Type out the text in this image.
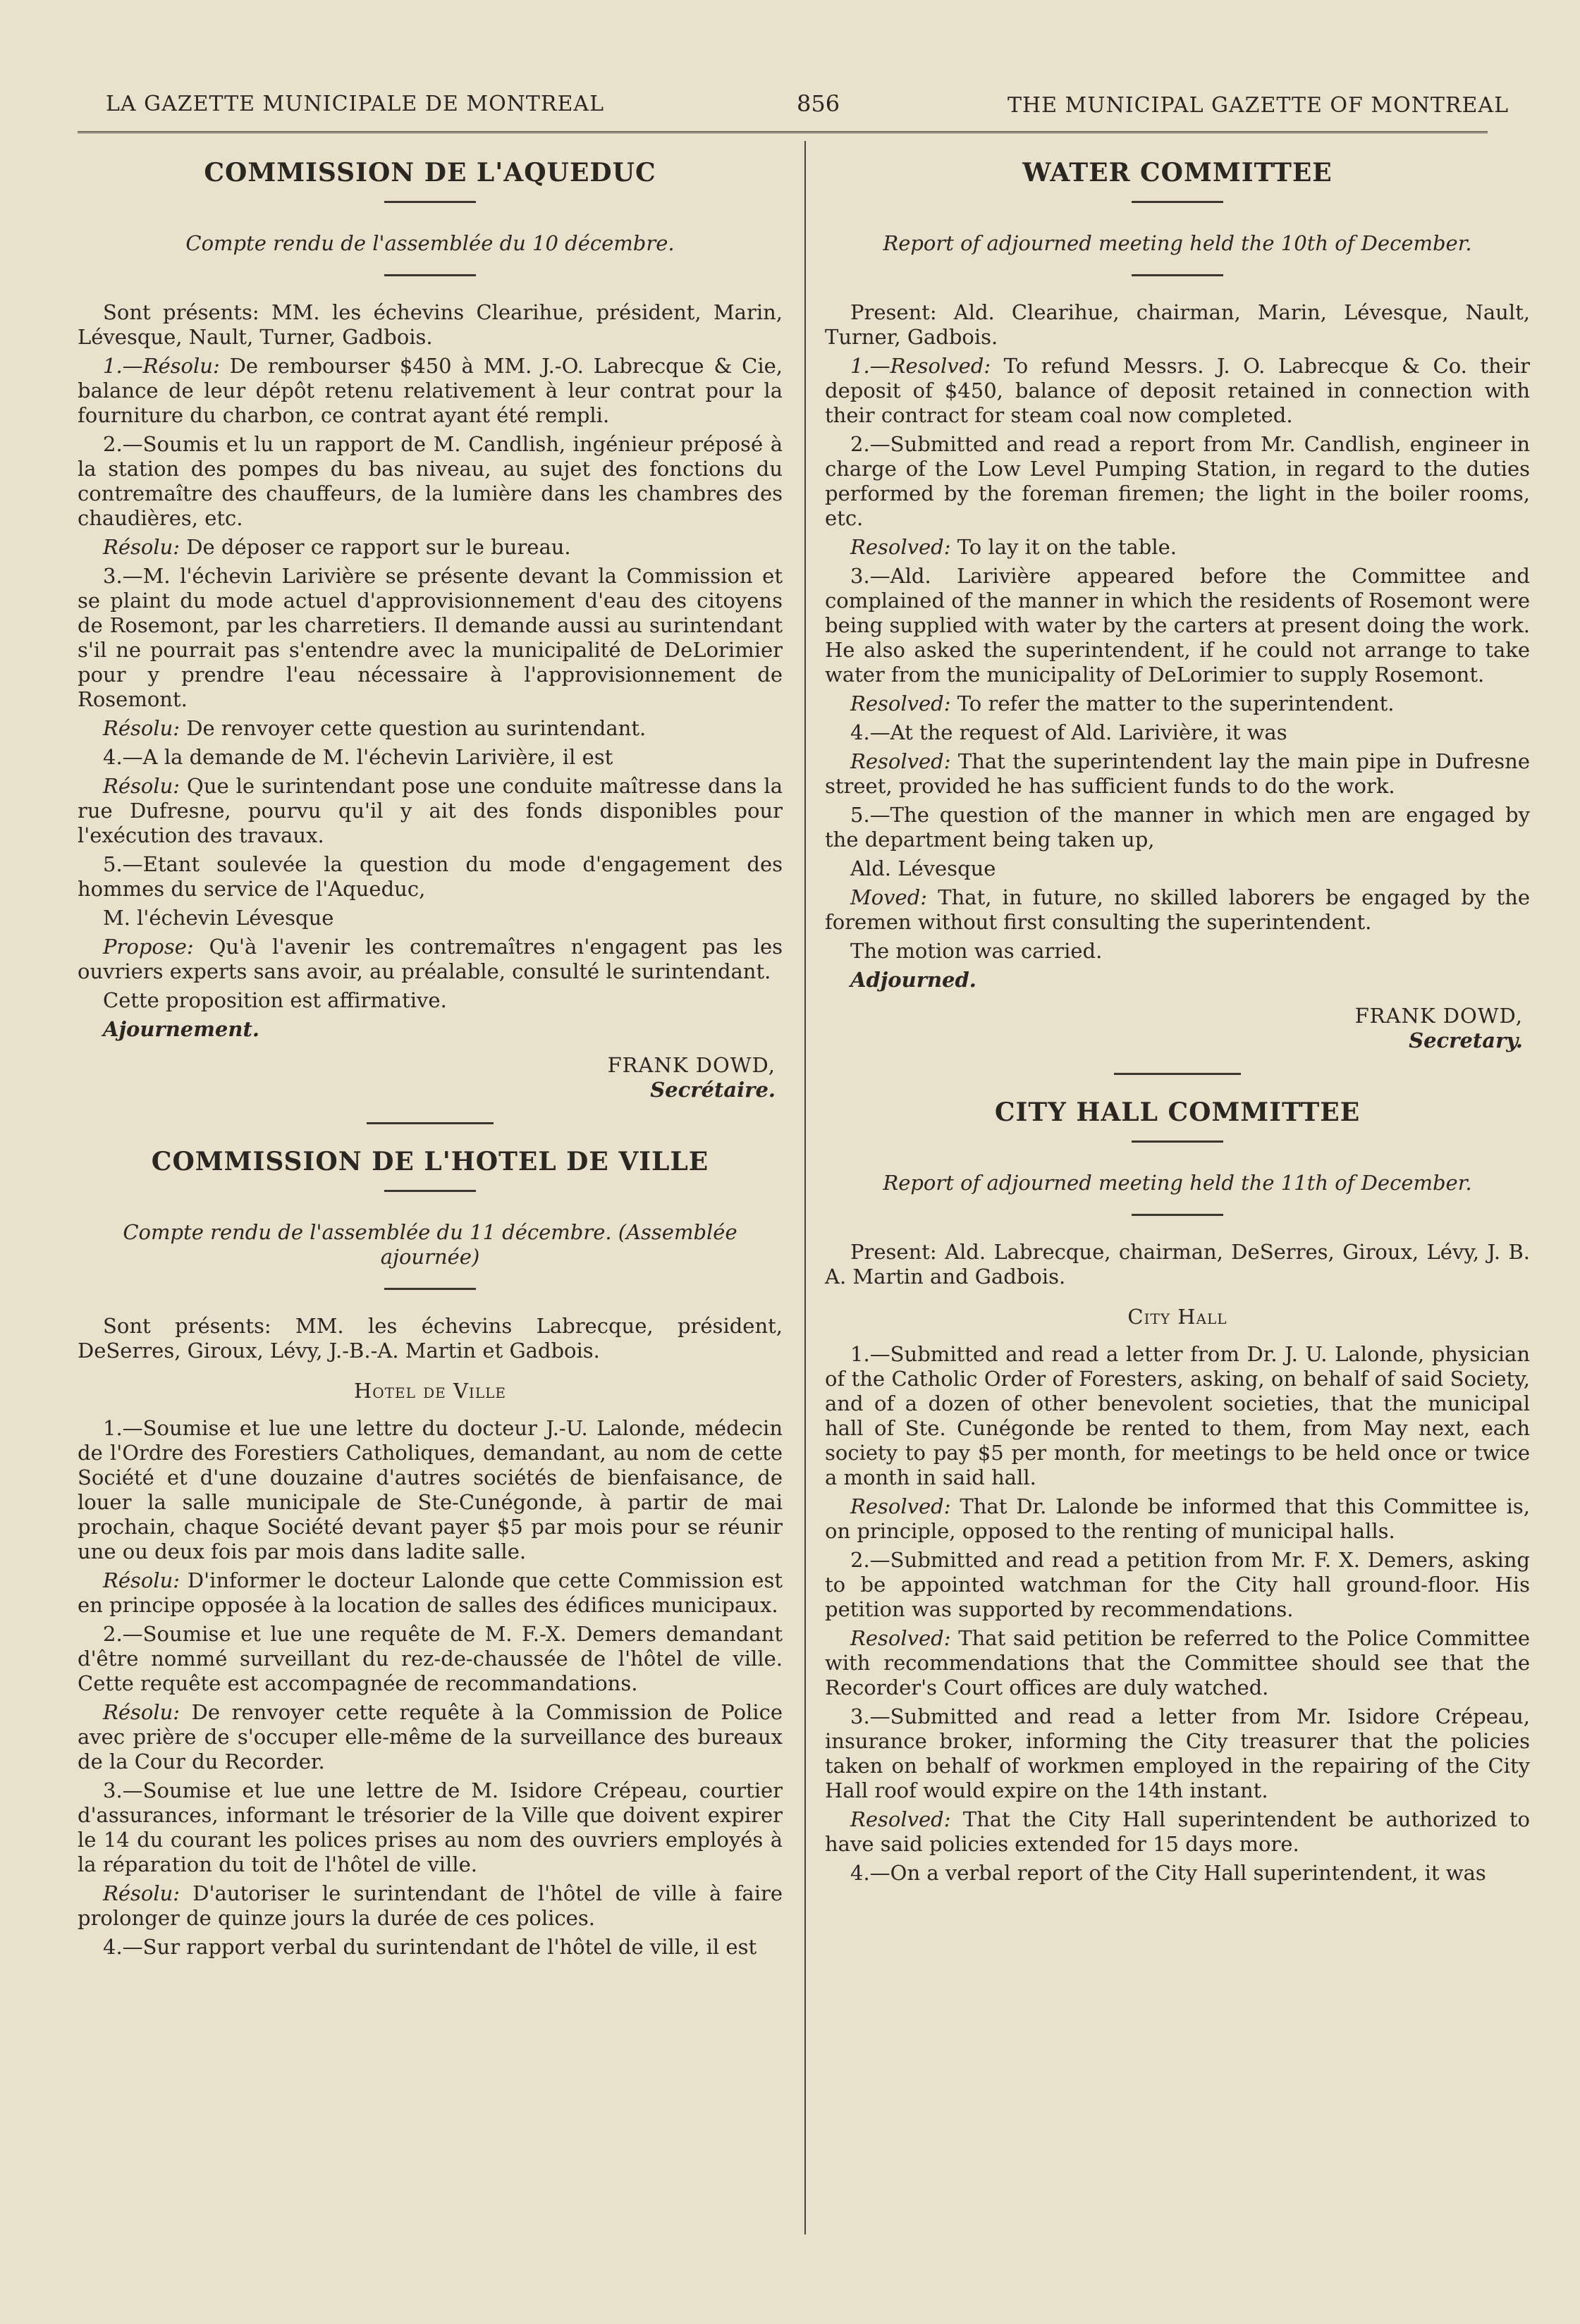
LA GAZETTE MUNICIPALE DE MONTREAL	856	THE MUNICIPAL GAZETTE OF MONTREAL
COMMISSION DE L'AQUEDUC
Compte rendu de l'assemblée du 10 décembre.

Sont présents: MM. les échevins Clearihue, président, Marin, Lévesque, Nault, Turner, Gadbois.

1.—Résolu: De rembourser $450 à MM. J.-O. Labrecque & Cie, balance de leur dépôt retenu relativement à leur contrat pour la fourniture du charbon, ce contrat ayant été rempli.

2.—Soumis et lu un rapport de M. Candlish, ingénieur préposé à la station des pompes du bas niveau, au sujet des fonctions du contremaître des chauffeurs, de la lumière dans les chambres des chaudières, etc.

Résolu: De déposer ce rapport sur le bureau.

3.—M. l'échevin Larivière se présente devant la Commission et se plaint du mode actuel d'approvisionnement d'eau des citoyens de Rosemont, par les charretiers. Il demande aussi au surintendant s'il ne pourrait pas s'entendre avec la municipalité de DeLorimier pour y prendre l'eau nécessaire à l'approvisionnement de Rosemont.

Résolu: De renvoyer cette question au surintendant.

4.—A la demande de M. l'échevin Larivière, il est

Résolu: Que le surintendant pose une conduite maîtresse dans la rue Dufresne, pourvu qu'il y ait des fonds disponibles pour l'exécution des travaux.

5.—Etant soulevée la question du mode d'engagement des hommes du service de l'Aqueduc,

M. l'échevin Lévesque

Propose: Qu'à l'avenir les contremaîtres n'engagent pas les ouvriers experts sans avoir, au préalable, consulté le surintendant.

Cette proposition est affirmative.

Ajournement.
FRANK DOWD,
Secrétaire.
COMMISSION DE L'HOTEL DE VILLE
Compte rendu de l'assemblée du 11 décembre. (Assemblée ajournée)

Sont présents: MM. les échevins Labrecque, président, DeSerres, Giroux, Lévy, J.-B.-A. Martin et Gadbois.

Hotel de Ville

1.—Soumise et lue une lettre du docteur J.-U. Lalonde, médecin de l'Ordre des Forestiers Catholiques, demandant, au nom de cette Société et d'une douzaine d'autres sociétés de bienfaisance, de louer la salle municipale de Ste-Cunégonde, à partir de mai prochain, chaque Société devant payer $5 par mois pour se réunir une ou deux fois par mois dans ladite salle.

Résolu: D'informer le docteur Lalonde que cette Commission est en principe opposée à la location de salles des édifices municipaux.

2.—Soumise et lue une requête de M. F.-X. Demers demandant d'être nommé surveillant du rez-de-chaussée de l'hôtel de ville. Cette requête est accompagnée de recommandations.

Résolu: De renvoyer cette requête à la Commission de Police avec prière de s'occuper elle-même de la surveillance des bureaux de la Cour du Recorder.

3.—Soumise et lue une lettre de M. Isidore Crépeau, courtier d'assurances, informant le trésorier de la Ville que doivent expirer le 14 du courant les polices prises au nom des ouvriers employés à la réparation du toit de l'hôtel de ville.

Résolu: D'autoriser le surintendant de l'hôtel de ville à faire prolonger de quinze jours la durée de ces polices.

4.—Sur rapport verbal du surintendant de l'hôtel de ville, il est

WATER COMMITTEE
Report of adjourned meeting held the 10th of December.

Present: Ald. Clearihue, chairman, Marin, Lévesque, Nault, Turner, Gadbois.

1.—Resolved: To refund Messrs. J. O. Labrecque & Co. their deposit of $450, balance of deposit retained in connection with their contract for steam coal now completed.

2.—Submitted and read a report from Mr. Candlish, engineer in charge of the Low Level Pumping Station, in regard to the duties performed by the foreman firemen; the light in the boiler rooms, etc.

Resolved: To lay it on the table.

3.—Ald. Larivière appeared before the Committee and complained of the manner in which the residents of Rosemont were being supplied with water by the carters at present doing the work. He also asked the superintendent, if he could not arrange to take water from the municipality of DeLorimier to supply Rosemont.

Resolved: To refer the matter to the superintendent.

4.—At the request of Ald. Larivière, it was

Resolved: That the superintendent lay the main pipe in Dufresne street, provided he has sufficient funds to do the work.

5.—The question of the manner in which men are engaged by the department being taken up,

Ald. Lévesque

Moved: That, in future, no skilled laborers be engaged by the foremen without first consulting the superintendent.

The motion was carried.

Adjourned.
FRANK DOWD,
Secretary.
CITY HALL COMMITTEE
Report of adjourned meeting held the 11th of December.

Present: Ald. Labrecque, chairman, DeSerres, Giroux, Lévy, J. B. A. Martin and Gadbois.

City Hall

1.—Submitted and read a letter from Dr. J. U. Lalonde, physician of the Catholic Order of Foresters, asking, on behalf of said Society, and of a dozen of other benevolent societies, that the municipal hall of Ste. Cunégonde be rented to them, from May next, each society to pay $5 per month, for meetings to be held once or twice a month in said hall.

Resolved: That Dr. Lalonde be informed that this Committee is, on principle, opposed to the renting of municipal halls.

2.—Submitted and read a petition from Mr. F. X. Demers, asking to be appointed watchman for the City hall ground-floor. His petition was supported by recommendations.

Resolved: That said petition be referred to the Police Committee with recommendations that the Committee should see that the Recorder's Court offices are duly watched.

3.—Submitted and read a letter from Mr. Isidore Crépeau, insurance broker, informing the City treasurer that the policies taken on behalf of workmen employed in the repairing of the City Hall roof would expire on the 14th instant.

Resolved: That the City Hall superintendent be authorized to have said policies extended for 15 days more.

4.—On a verbal report of the City Hall superintendent, it was
